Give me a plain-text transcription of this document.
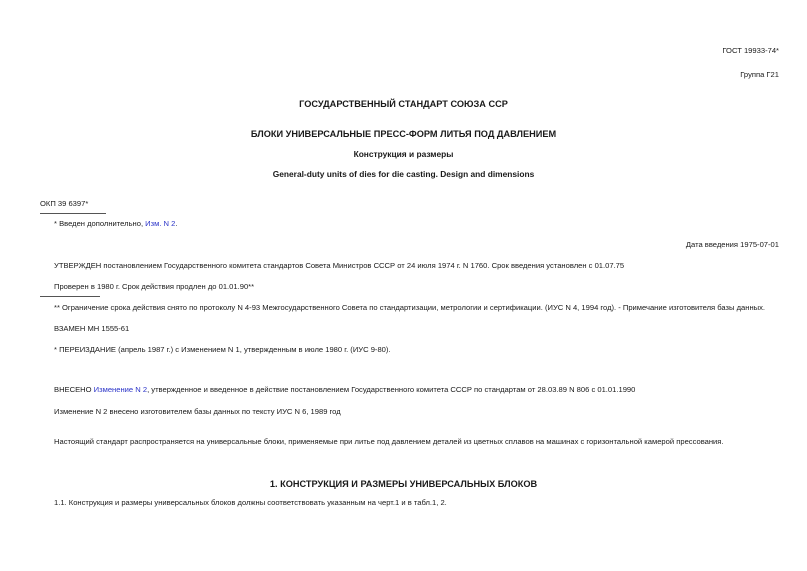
ГОСТ 19933-74*
Группа Г21
ГОСУДАРСТВЕННЫЙ СТАНДАРТ СОЮЗА ССР
БЛОКИ УНИВЕРСАЛЬНЫЕ ПРЕСС-ФОРМ ЛИТЬЯ ПОД ДАВЛЕНИЕМ
Конструкция и размеры
General-duty units of dies for die casting. Design and dimensions
ОКП 39 6397*
* Введен дополнительно, Изм. N 2.
Дата введения 1975-07-01
УТВЕРЖДЕН постановлением Государственного комитета стандартов Совета Министров СССР от 24 июля 1974 г. N 1760. Срок введения установлен с 01.07.75
Проверен в 1980 г. Срок действия продлен до 01.01.90**
** Ограничение срока действия снято по протоколу N 4-93 Межгосударственного Совета по стандартизации, метрологии и сертификации. (ИУС N 4, 1994 год). - Примечание изготовителя базы данных.
ВЗАМЕН МН 1555-61
* ПЕРЕИЗДАНИЕ (апрель 1987 г.) с Изменением N 1, утвержденным в июле 1980 г. (ИУС 9-80).
ВНЕСЕНО Изменение N 2, утвержденное и введенное в действие постановлением Государственного комитета СССР по стандартам от 28.03.89 N 806 с 01.01.1990
Изменение N 2 внесено изготовителем базы данных по тексту ИУС N 6, 1989 год
Настоящий стандарт распространяется на универсальные блоки, применяемые при литье под давлением деталей из цветных сплавов на машинах с горизонтальной камерой прессования.
1. КОНСТРУКЦИЯ И РАЗМЕРЫ УНИВЕРСАЛЬНЫХ БЛОКОВ
1.1. Конструкция и размеры универсальных блоков должны соответствовать указанным на черт.1 и в табл.1, 2.
